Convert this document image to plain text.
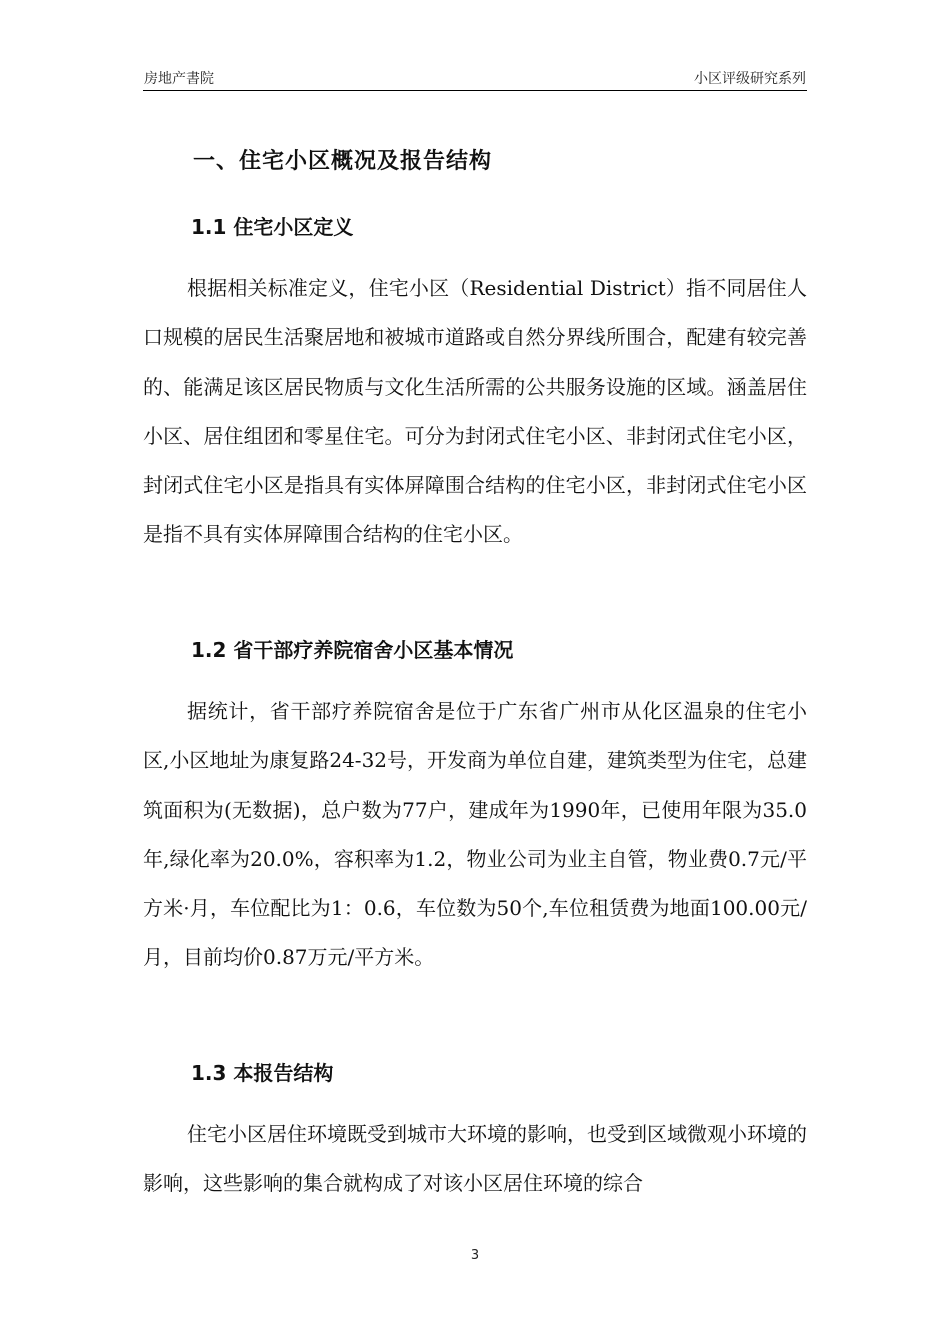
房地产書院	小区评级研究系列
一、住宅小区概况及报告结构
1.1 住宅小区定义

根据相关标准定义，住宅小区（Residential District）指不同居住人口规模的居民生活聚居地和被城市道路或自然分界线所围合，配建有较完善的、能满足该区居民物质与文化生活所需的公共服务设施的区域。涵盖居住小区、居住组团和零星住宅。可分为封闭式住宅小区、非封闭式住宅小区，封闭式住宅小区是指具有实体屏障围合结构的住宅小区，非封闭式住宅小区是指不具有实体屏障围合结构的住宅小区。

1.2 省干部疗养院宿舍小区基本情况

据统计，省干部疗养院宿舍是位于广东省广州市从化区温泉的住宅小区,小区地址为康复路24-32号，开发商为单位自建，建筑类型为住宅，总建筑面积为(无数据)，总户数为77户，建成年为1990年，已使用年限为35.0年,绿化率为20.0%，容积率为1.2，物业公司为业主自管，物业费0.7元/平方米·月，车位配比为1：0.6，车位数为50个,车位租赁费为地面100.00元/月，目前均价0.87万元/平方米。

1.3 本报告结构

住宅小区居住环境既受到城市大环境的影响，也受到区域微观小环境的影响，这些影响的集合就构成了对该小区居住环境的综合

3
